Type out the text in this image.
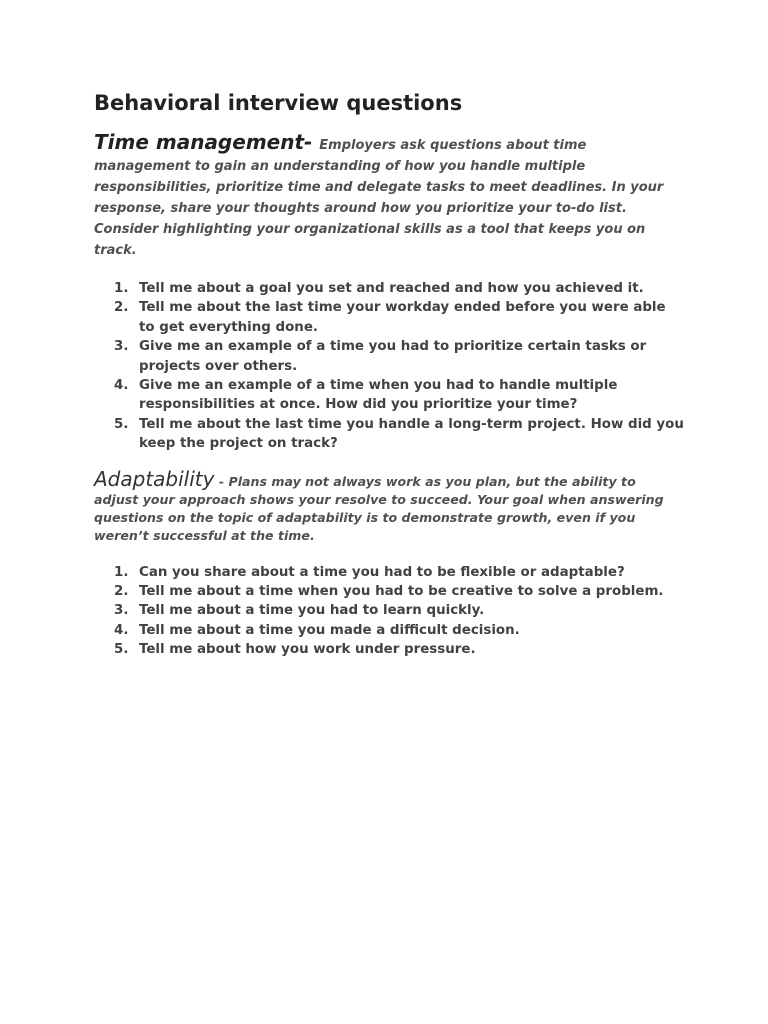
Behavioral interview questions

Time management- Employers ask questions about time management to gain an understanding of how you handle multiple responsibilities, prioritize time and delegate tasks to meet deadlines. In your response, share your thoughts around how you prioritize your to-do list. Consider highlighting your organizational skills as a tool that keeps you on track.

1. Tell me about a goal you set and reached and how you achieved it.
2. Tell me about the last time your workday ended before you were able to get everything done.
3. Give me an example of a time you had to prioritize certain tasks or projects over others.
4. Give me an example of a time when you had to handle multiple responsibilities at once. How did you prioritize your time?
5. Tell me about the last time you handle a long-term project. How did you keep the project on track?

Adaptability - Plans may not always work as you plan, but the ability to adjust your approach shows your resolve to succeed. Your goal when answering questions on the topic of adaptability is to demonstrate growth, even if you weren’t successful at the time.

1. Can you share about a time you had to be flexible or adaptable?
2. Tell me about a time when you had to be creative to solve a problem.
3. Tell me about a time you had to learn quickly.
4. Tell me about a time you made a difficult decision.
5. Tell me about how you work under pressure.
